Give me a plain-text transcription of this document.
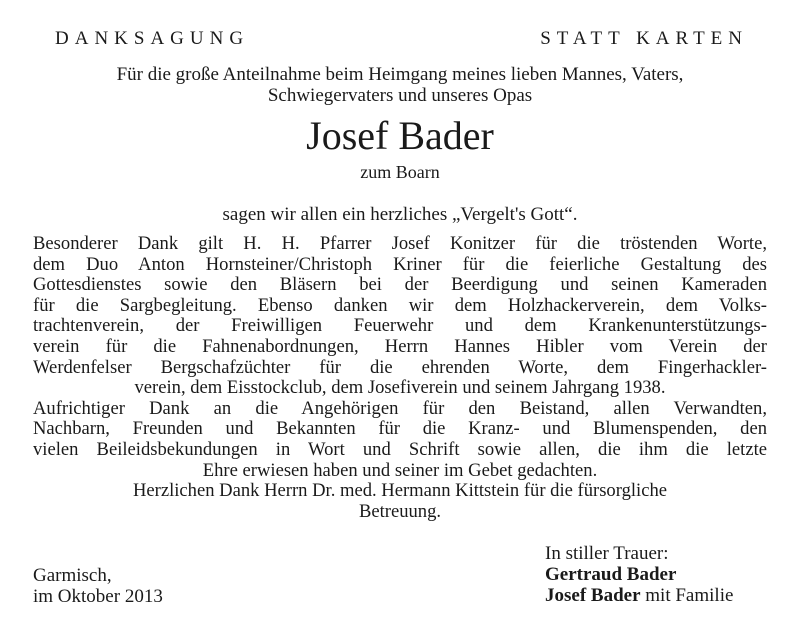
DANKSAGUNG	STATT KARTEN
Für die große Anteilnahme beim Heimgang meines lieben Mannes, Vaters,
Schwiegervaters und unseres Opas
Josef Bader
zum Boarn
sagen wir allen ein herzliches „Vergelt's Gott“.
Besonderer Dank gilt H. H. Pfarrer Josef Konitzer für die tröstenden Worte,
dem Duo Anton Hornsteiner/Christoph Kriner für die feierliche Gestaltung des
Gottesdienstes sowie den Bläsern bei der Beerdigung und seinen Kameraden
für die Sargbegleitung. Ebenso danken wir dem Holzhackerverein, dem Volks-
trachtenverein, der Freiwilligen Feuerwehr und dem Krankenunterstützungs-
verein für die Fahnenabordnungen, Herrn Hannes Hibler vom Verein der
Werdenfelser Bergschafzüchter für die ehrenden Worte, dem Fingerhackler-
verein, dem Eisstockclub, dem Josefiverein und seinem Jahrgang 1938.
Aufrichtiger Dank an die Angehörigen für den Beistand, allen Verwandten,
Nachbarn, Freunden und Bekannten für die Kranz- und Blumenspenden, den
vielen Beileidsbekundungen in Wort und Schrift sowie allen, die ihm die letzte
Ehre erwiesen haben und seiner im Gebet gedachten.
Herzlichen Dank Herrn Dr. med. Hermann Kittstein für die fürsorgliche
Betreuung.
Garmisch,
im Oktober 2013
In stiller Trauer:
Gertraud Bader
Josef Bader mit Familie
